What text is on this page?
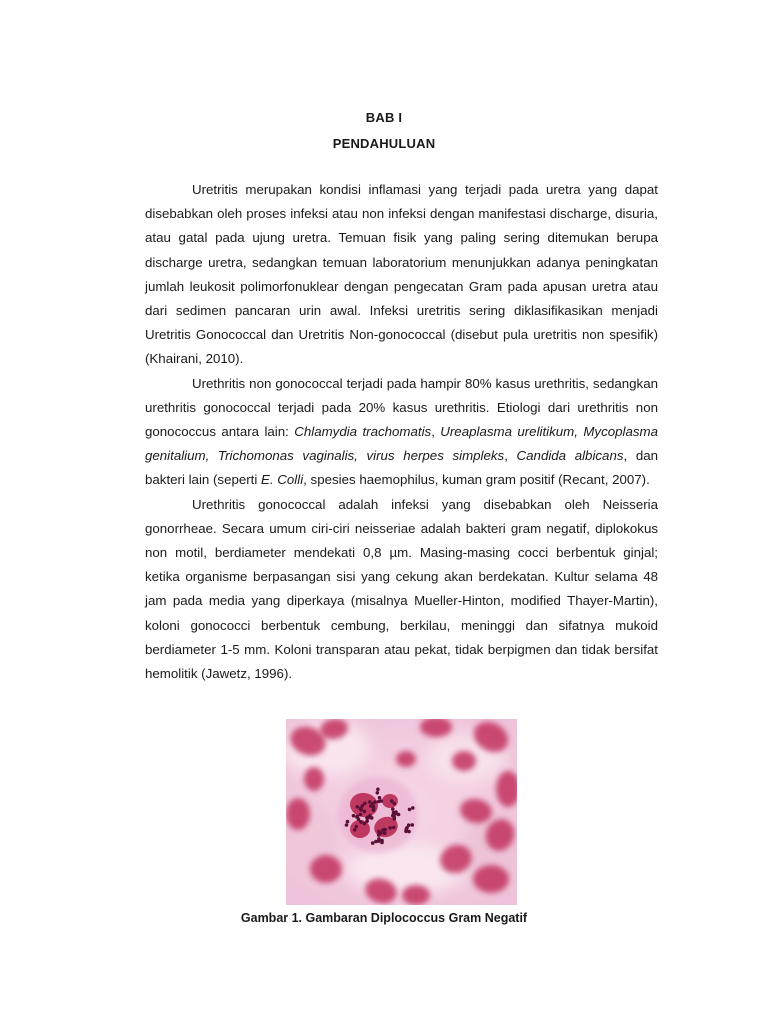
BAB I
PENDAHULUAN

Uretritis merupakan kondisi inflamasi yang terjadi pada uretra yang dapat disebabkan oleh proses infeksi atau non infeksi dengan manifestasi discharge, disuria, atau gatal pada ujung uretra. Temuan fisik yang paling sering ditemukan berupa discharge uretra, sedangkan temuan laboratorium menunjukkan adanya peningkatan jumlah leukosit polimorfonuklear dengan pengecatan Gram pada apusan uretra atau dari sedimen pancaran urin awal. Infeksi uretritis sering diklasifikasikan menjadi Uretritis Gonococcal dan Uretritis Non-gonococcal (disebut pula uretritis non spesifik) (Khairani, 2010).

Urethritis non gonococcal terjadi pada hampir 80% kasus urethritis, sedangkan urethritis gonococcal terjadi pada 20% kasus urethritis. Etiologi dari urethritis non gonococcus antara lain: Chlamydia trachomatis, Ureaplasma urelitikum, Mycoplasma genitalium, Trichomonas vaginalis, virus herpes simpleks, Candida albicans, dan bakteri lain (seperti E. Colli, spesies haemophilus, kuman gram positif (Recant, 2007).

Urethritis gonococcal adalah infeksi yang disebabkan oleh Neisseria gonorrheae. Secara umum ciri-ciri neisseriae adalah bakteri gram negatif, diplokokus non motil, berdiameter mendekati 0,8 µm. Masing-masing cocci berbentuk ginjal; ketika organisme berpasangan sisi yang cekung akan berdekatan. Kultur selama 48 jam pada media yang diperkaya (misalnya Mueller-Hinton, modified Thayer-Martin), koloni gonococci berbentuk cembung, berkilau, meninggi dan sifatnya mukoid berdiameter 1-5 mm. Koloni transparan atau pekat, tidak berpigmen dan tidak bersifat hemolitik (Jawetz, 1996).

Gambar 1. Gambaran Diplococcus Gram Negatif
